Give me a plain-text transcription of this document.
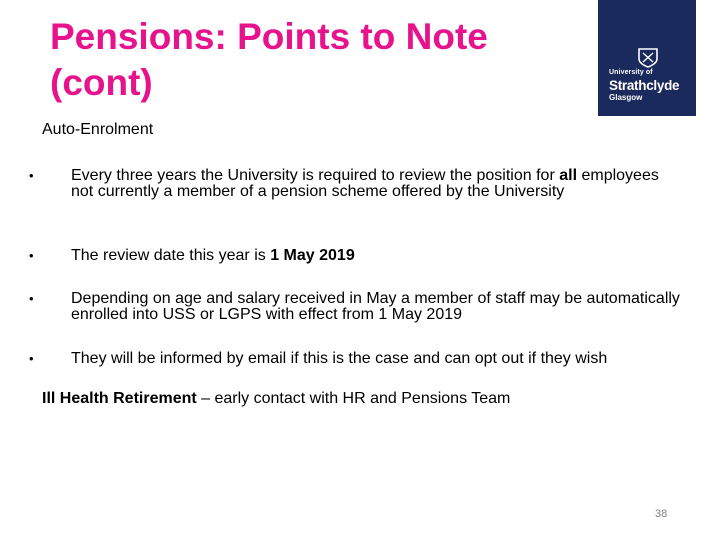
Pensions: Points to Note
(cont)	University of
Strathclyde
Glasgow

Auto-Enrolment

• Every three years the University is required to review the position for all employees not currently a member of a pension scheme offered by the University
• The review date this year is 1 May 2019
• Depending on age and salary received in May a member of staff may be automatically enrolled into USS or LGPS with effect from 1 May 2019
• They will be informed by email if this is the case and can opt out if they wish

Ill Health Retirement – early contact with HR and Pensions Team

38
